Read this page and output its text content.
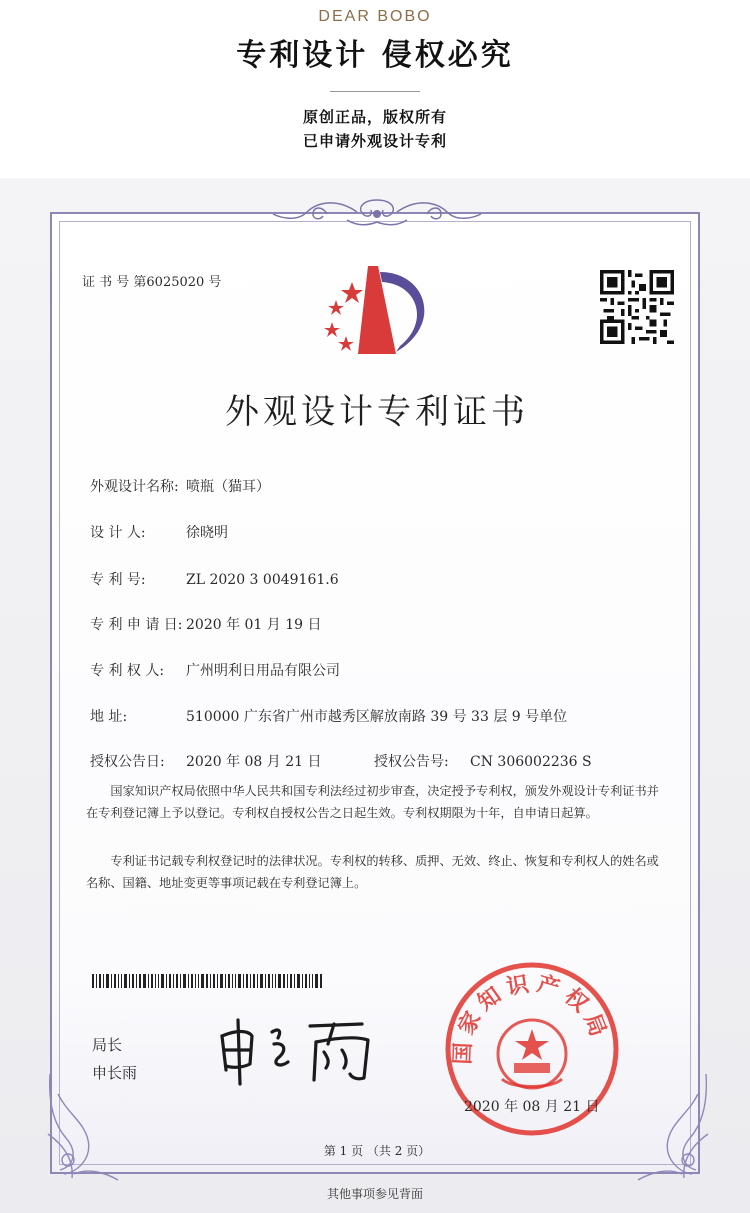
DEAR BOBO
专利设计 侵权必究
原创正品，版权所有
已申请外观设计专利
证 书 号 第6025020 号
外观设计专利证书
外观设计名称: 喷瓶（猫耳）
设 计 人:	徐晓明
专 利 号:	ZL 2020 3 0049161.6
专 利 申 请 日: 2020 年 01 月 19 日
专 利 权 人: 广州明利日用品有限公司
地 址:	510000 广东省广州市越秀区解放南路 39 号 33 层 9 号单位
授权公告日: 2020 年 08 月 21 日	授权公告号: CN 306002236 S
国家知识产权局依照中华人民共和国专利法经过初步审查，决定授予专利权，颁发外观设计专利证书并在专利登记簿上予以登记。专利权自授权公告之日起生效。专利权期限为十年，自申请日起算。
专利证书记载专利权登记时的法律状况。专利权的转移、质押、无效、终止、恢复和专利权人的姓名或名称、国籍、地址变更等事项记载在专利登记簿上。
局长
申长雨
国家知识产权局
2020 年 08 月 21 日
第 1 页 （共 2 页）
其他事项参见背面
